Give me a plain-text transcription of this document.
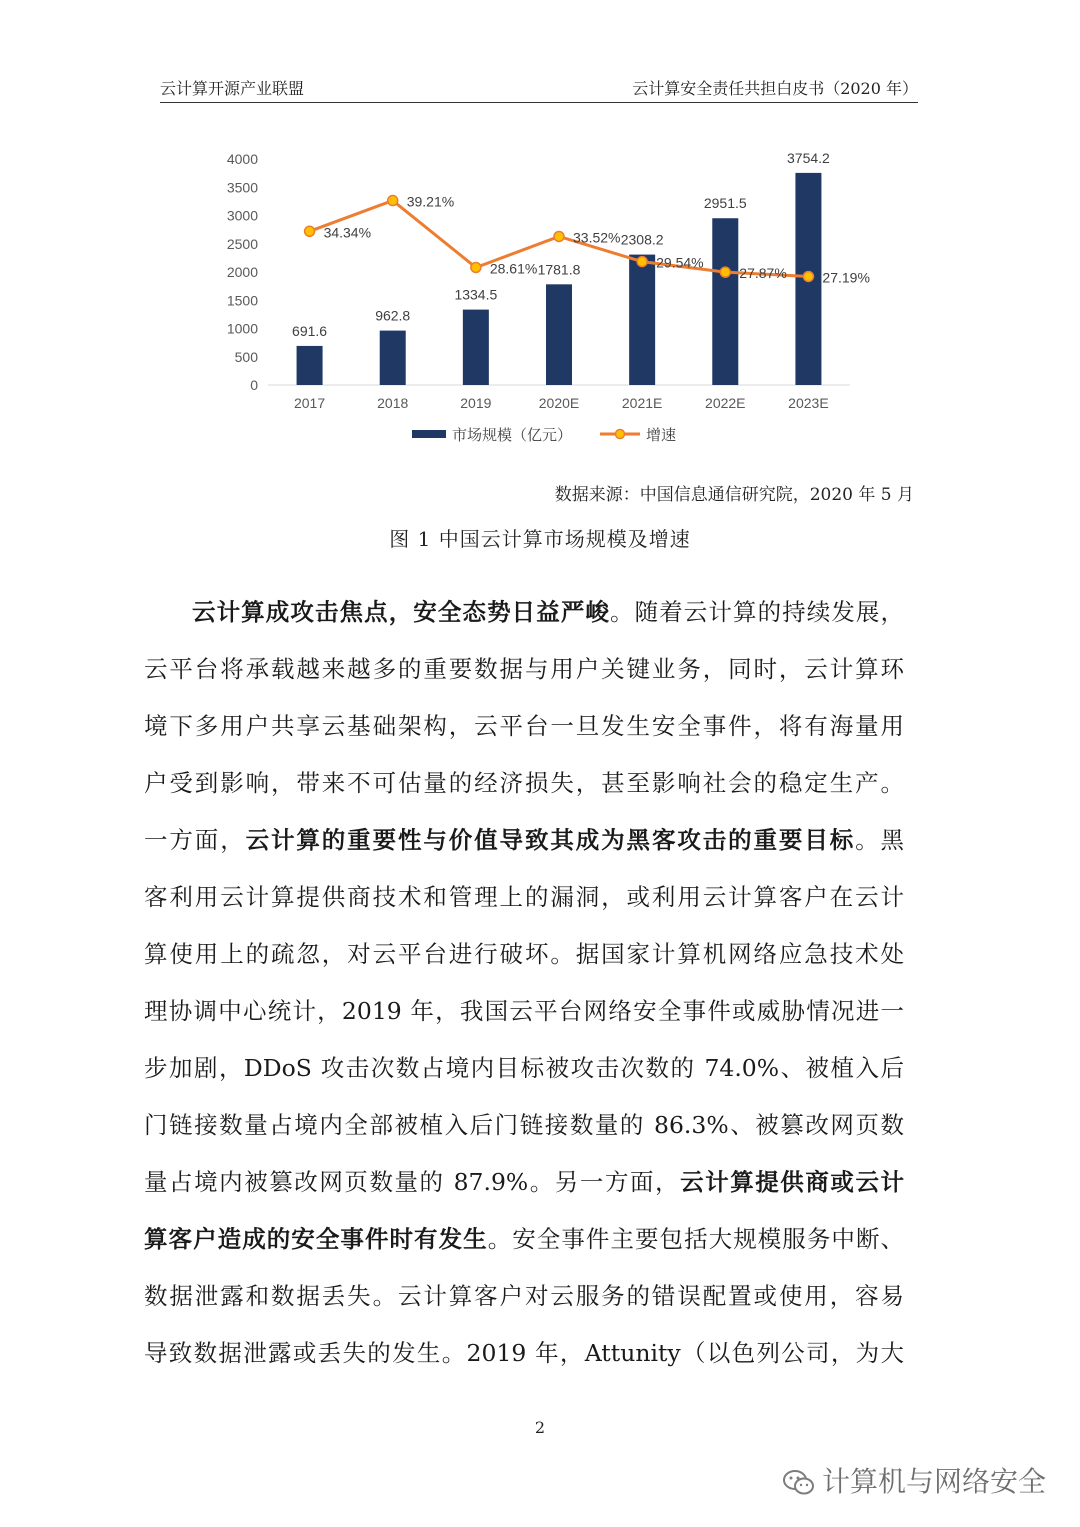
云计算开源产业联盟	云计算安全责任共担白皮书（2020 年）
0
500
1000
1500
2000
2500
3000
3500
4000
691.6
962.8
1334.5
1781.8
2308.2
2951.5
3754.2
2017	2018	2019	2020E	2021E	2022E	2023E
34.34%
39.21%
28.61%
33.52%
29.54%
27.87%	27.19%
市场规模（亿元）	增速
数据来源：中国信息通信研究院，2020 年 5 月
图 1 中国云计算市场规模及增速
云计算成攻击焦点，安全态势日益严峻。随着云计算的持续发展，
云平台将承载越来越多的重要数据与用户关键业务，同时，云计算环
境下多用户共享云基础架构，云平台一旦发生安全事件，将有海量用
户受到影响，带来不可估量的经济损失，甚至影响社会的稳定生产。
一方面，云计算的重要性与价值导致其成为黑客攻击的重要目标。黑
客利用云计算提供商技术和管理上的漏洞，或利用云计算客户在云计
算使用上的疏忽，对云平台进行破坏。据国家计算机网络应急技术处
理协调中心统计，2019 年，我国云平台网络安全事件或威胁情况进一
步加剧，DDoS 攻击次数占境内目标被攻击次数的 74.0%、被植入后
门链接数量占境内全部被植入后门链接数量的 86.3%、被篡改网页数
量占境内被篡改网页数量的 87.9%。另一方面，云计算提供商或云计
算客户造成的安全事件时有发生。安全事件主要包括大规模服务中断、
数据泄露和数据丢失。云计算客户对云服务的错误配置或使用，容易
导致数据泄露或丢失的发生。2019 年，Attunity（以色列公司，为大
2
计算机与网络安全
